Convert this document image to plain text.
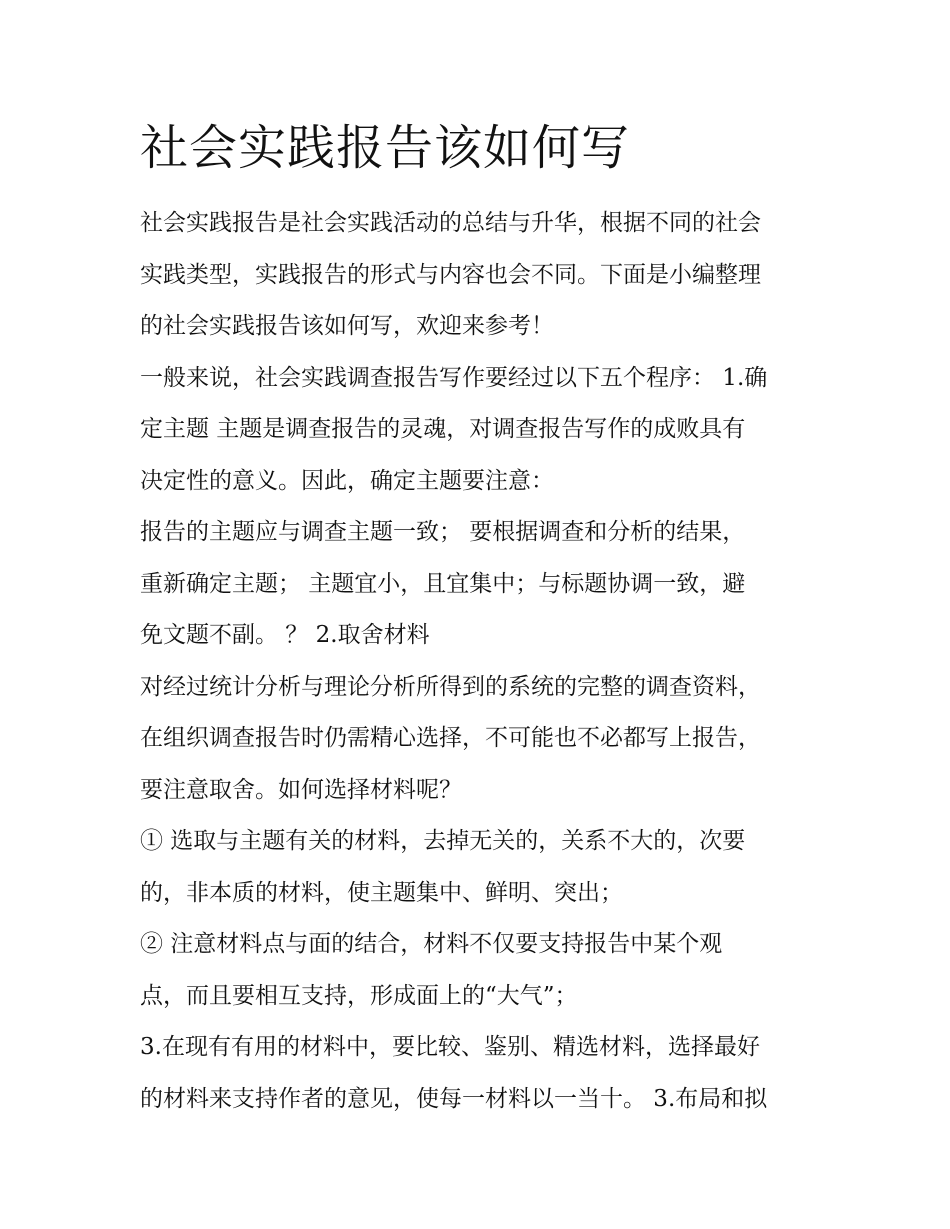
社会实践报告该如何写
社会实践报告是社会实践活动的总结与升华，根据不同的社会
实践类型，实践报告的形式与内容也会不同。下面是小编整理
的社会实践报告该如何写，欢迎来参考！
一般来说，社会实践调查报告写作要经过以下五个程序： 1.确
定主题 主题是调查报告的灵魂，对调查报告写作的成败具有
决定性的意义。因此，确定主题要注意：
报告的主题应与调查主题一致； 要根据调查和分析的结果，
重新确定主题； 主题宜小，且宜集中；与标题协调一致，避
免文题不副。 ？ 2.取舍材料
对经过统计分析与理论分析所得到的系统的完整的调查资料，
在组织调查报告时仍需精心选择，不可能也不必都写上报告，
要注意取舍。如何选择材料呢？
① 选取与主题有关的材料，去掉无关的，关系不大的，次要
的，非本质的材料，使主题集中、鲜明、突出；
② 注意材料点与面的结合，材料不仅要支持报告中某个观
点，而且要相互支持，形成面上的“大气”；
3.在现有有用的材料中，要比较、鉴别、精选材料，选择最好
的材料来支持作者的意见，使每一材料以一当十。 3.布局和拟
